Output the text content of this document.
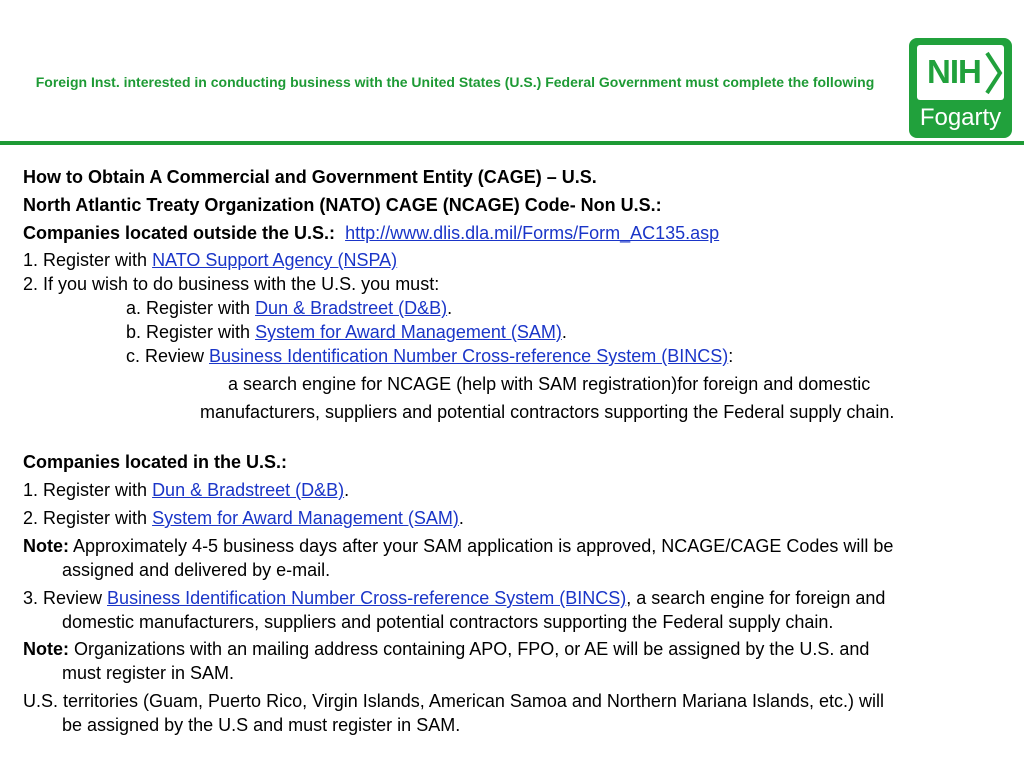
Foreign Inst. interested in conducting business with the United States (U.S.) Federal Government must complete the following NIH
Fogarty
How to Obtain A Commercial and Government Entity (CAGE) – U.S.
North Atlantic Treaty Organization (NATO) CAGE (NCAGE) Code- Non U.S.:
Companies located outside the U.S.: http://www.dlis.dla.mil/Forms/Form_AC135.asp
1. Register with NATO Support Agency (NSPA)
2. If you wish to do business with the U.S. you must:
a. Register with Dun & Bradstreet (D&B).
b. Register with System for Award Management (SAM).
c. Review Business Identification Number Cross-reference System (BINCS):
a search engine for NCAGE (help with SAM registration)for foreign and domestic
manufacturers, suppliers and potential contractors supporting the Federal supply chain.
Companies located in the U.S.:
1. Register with Dun & Bradstreet (D&B).
2. Register with System for Award Management (SAM).
Note: Approximately 4-5 business days after your SAM application is approved, NCAGE/CAGE Codes will be
assigned and delivered by e-mail.
3. Review Business Identification Number Cross-reference System (BINCS), a search engine for foreign and
domestic manufacturers, suppliers and potential contractors supporting the Federal supply chain.
Note: Organizations with an mailing address containing APO, FPO, or AE will be assigned by the U.S. and
must register in SAM.
U.S. territories (Guam, Puerto Rico, Virgin Islands, American Samoa and Northern Mariana Islands, etc.) will
be assigned by the U.S and must register in SAM.
